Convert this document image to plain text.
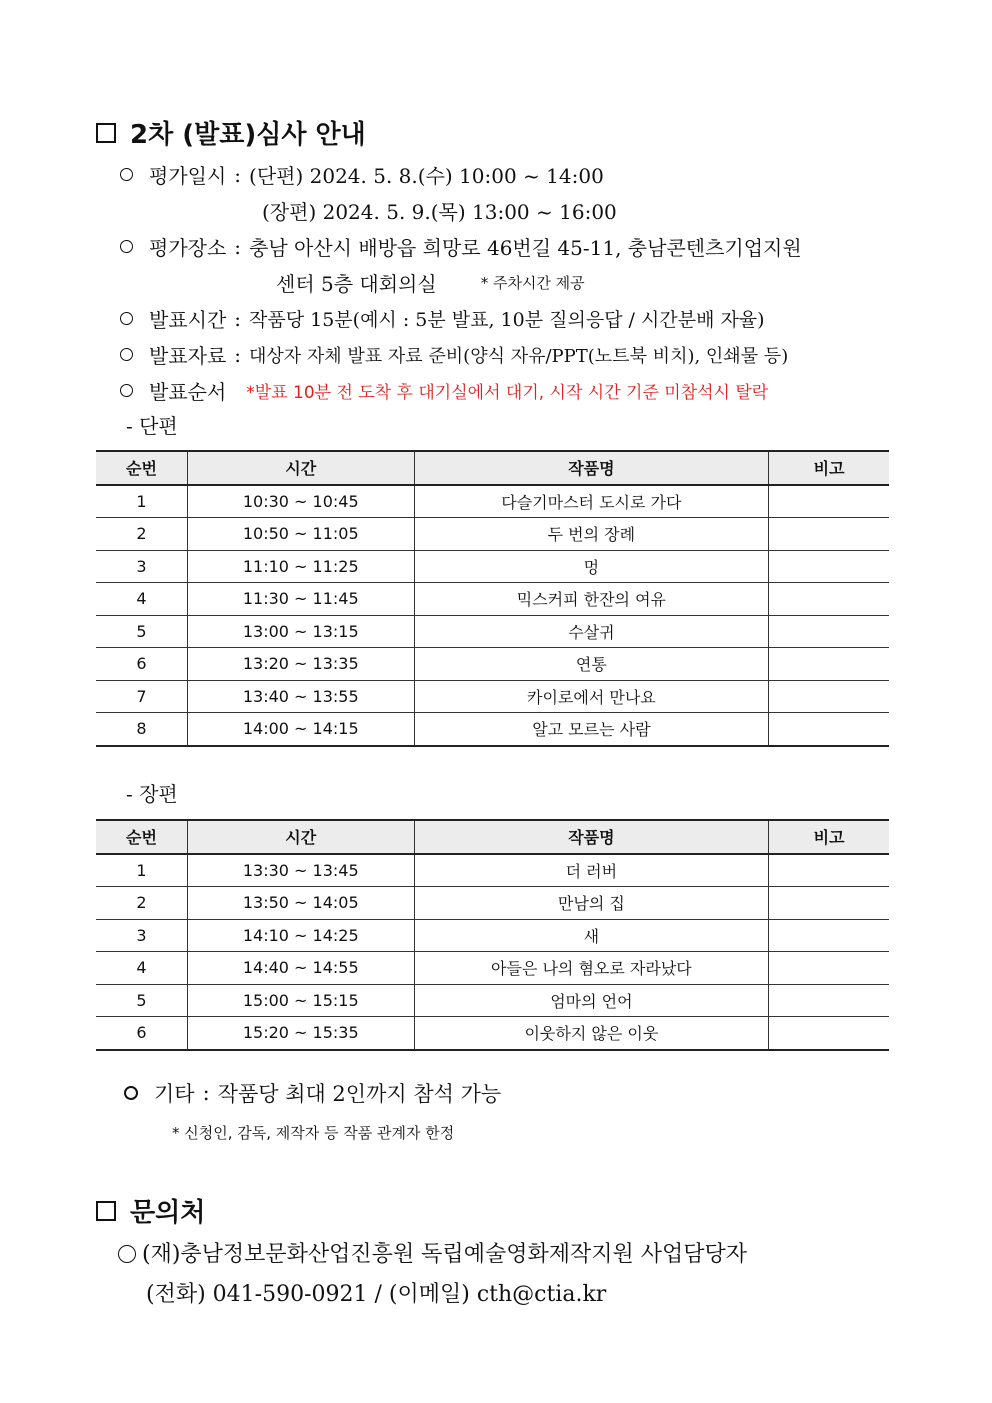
2차 (발표)심사 안내
평가일시 : (단편) 2024. 5. 8.(수) 10:00 ~ 14:00
(장편) 2024. 5. 9.(목) 13:00 ~ 16:00
평가장소 : 충남 아산시 배방읍 희망로 46번길 45-11, 충남콘텐츠기업지원
센터 5층 대회의실	* 주차시간 제공
발표시간 : 작품당 15분(예시 : 5분 발표, 10분 질의응답 / 시간분배 자율)
발표자료 : 대상자 자체 발표 자료 준비(양식 자유/PPT(노트북 비치), 인쇄물 등)
발표순서 *발표 10분 전 도착 후 대기실에서 대기, 시작 시간 기준 미참석시 탈락
- 단편
순번	시간	작품명	비고
1	10:30 ~ 10:45	다슬기마스터 도시로 가다	
2	10:50 ~ 11:05	두 번의 장례	
3	11:10 ~ 11:25	멍	
4	11:30 ~ 11:45	믹스커피 한잔의 여유	
5	13:00 ~ 13:15	수살귀	
6	13:20 ~ 13:35	연통	
7	13:40 ~ 13:55	카이로에서 만나요	
8	14:00 ~ 14:15	알고 모르는 사람	
- 장편
순번	시간	작품명	비고
1	13:30 ~ 13:45	더 러버	
2	13:50 ~ 14:05	만남의 집	
3	14:10 ~ 14:25	새	
4	14:40 ~ 14:55	아들은 나의 혐오로 자라났다	
5	15:00 ~ 15:15	엄마의 언어	
6	15:20 ~ 15:35	이웃하지 않은 이웃	
기타 : 작품당 최대 2인까지 참석 가능
* 신청인, 감독, 제작자 등 작품 관계자 한정
문의처
(재)충남정보문화산업진흥원 독립예술영화제작지원 사업담당자
(전화) 041-590-0921 / (이메일) cth@ctia.kr
